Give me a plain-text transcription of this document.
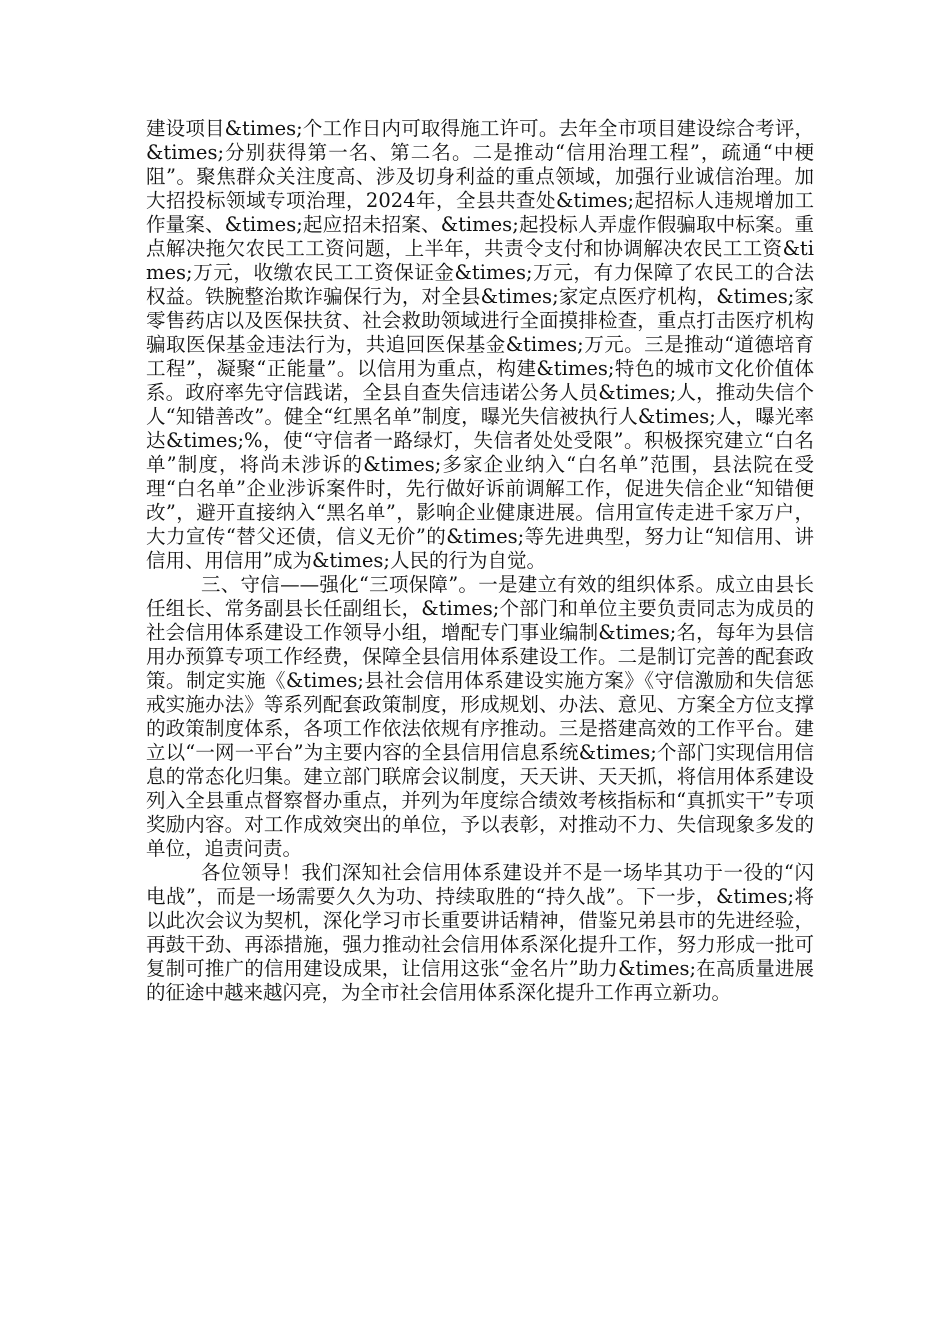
建设项目&times;个工作日内可取得施工许可。去年全市项目建设综合考评，&times;分别获得第一名、第二名。二是推动“信用治理工程”，疏通“中梗阻”。聚焦群众关注度高、涉及切身利益的重点领域，加强行业诚信治理。加大招投标领域专项治理，2024年，全县共查处&times;起招标人违规增加工作量案、&times;起应招未招案、&times;起投标人弄虚作假骗取中标案。重点解决拖欠农民工工资问题，上半年，共责令支付和协调解决农民工工资&times;万元，收缴农民工工资保证金&times;万元，有力保障了农民工的合法权益。铁腕整治欺诈骗保行为，对全县&times;家定点医疗机构，&times;家零售药店以及医保扶贫、社会救助领域进行全面摸排检查，重点打击医疗机构骗取医保基金违法行为，共追回医保基金&times;万元。三是推动“道德培育工程”，凝聚“正能量”。以信用为重点，构建&times;特色的城市文化价值体系。政府率先守信践诺，全县自查失信违诺公务人员&times;人，推动失信个人“知错善改”。健全“红黑名单”制度，曝光失信被执行人&times;人，曝光率达&times;%，使“守信者一路绿灯，失信者处处受限”。积极探究建立“白名单”制度，将尚未涉诉的&times;多家企业纳入“白名单”范围，县法院在受理“白名单”企业涉诉案件时，先行做好诉前调解工作，促进失信企业“知错便改”，避开直接纳入“黑名单”，影响企业健康进展。信用宣传走进千家万户，大力宣传“替父还债，信义无价”的&times;等先进典型，努力让“知信用、讲信用、用信用”成为&times;人民的行为自觉。

三、守信——强化“三项保障”。一是建立有效的组织体系。成立由县长任组长、常务副县长任副组长，&times;个部门和单位主要负责同志为成员的社会信用体系建设工作领导小组，增配专门事业编制&times;名，每年为县信用办预算专项工作经费，保障全县信用体系建设工作。二是制订完善的配套政策。制定实施《&times;县社会信用体系建设实施方案》《守信激励和失信惩戒实施办法》等系列配套政策制度，形成规划、办法、意见、方案全方位支撑的政策制度体系，各项工作依法依规有序推动。三是搭建高效的工作平台。建立以“一网一平台”为主要内容的全县信用信息系统&times;个部门实现信用信息的常态化归集。建立部门联席会议制度，天天讲、天天抓，将信用体系建设列入全县重点督察督办重点，并列为年度综合绩效考核指标和“真抓实干”专项奖励内容。对工作成效突出的单位，予以表彰，对推动不力、失信现象多发的单位，追责问责。

各位领导！我们深知社会信用体系建设并不是一场毕其功于一役的“闪电战”，而是一场需要久久为功、持续取胜的“持久战”。下一步，&times;将以此次会议为契机，深化学习市长重要讲话精神，借鉴兄弟县市的先进经验，再鼓干劲、再添措施，强力推动社会信用体系深化提升工作，努力形成一批可复制可推广的信用建设成果，让信用这张“金名片”助力&times;在高质量进展的征途中越来越闪亮，为全市社会信用体系深化提升工作再立新功。
